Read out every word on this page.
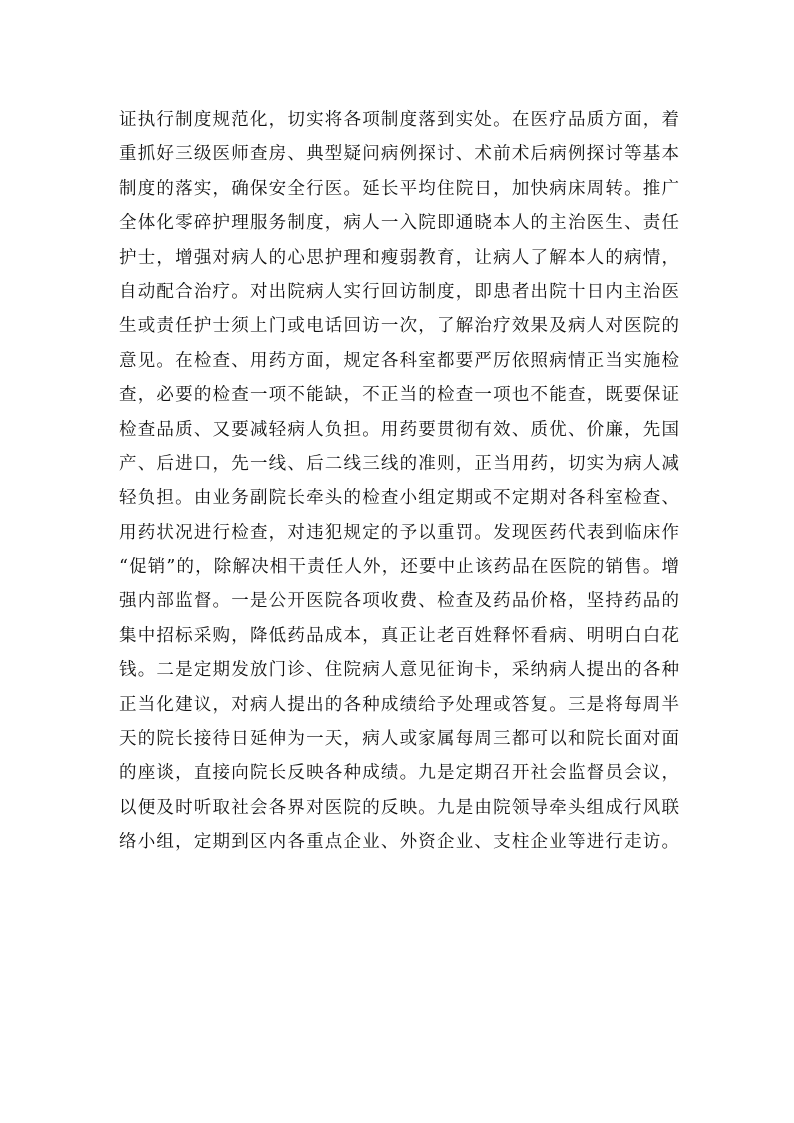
证执行制度规范化，切实将各项制度落到实处。在医疗品质方面，着
重抓好三级医师查房、典型疑问病例探讨、术前术后病例探讨等基本
制度的落实，确保安全行医。延长平均住院日，加快病床周转。推广
全体化零碎护理服务制度，病人一入院即通晓本人的主治医生、责任
护士，增强对病人的心思护理和瘦弱教育，让病人了解本人的病情，
自动配合治疗。对出院病人实行回访制度，即患者出院十日内主治医
生或责任护士须上门或电话回访一次，了解治疗效果及病人对医院的
意见。在检查、用药方面，规定各科室都要严厉依照病情正当实施检
查，必要的检查一项不能缺，不正当的检查一项也不能查，既要保证
检查品质、又要减轻病人负担。用药要贯彻有效、质优、价廉，先国
产、后进口，先一线、后二线三线的准则，正当用药，切实为病人减
轻负担。由业务副院长牵头的检查小组定期或不定期对各科室检查、
用药状况进行检查，对违犯规定的予以重罚。发现医药代表到临床作
“促销”的，除解决相干责任人外，还要中止该药品在医院的销售。增
强内部监督。一是公开医院各项收费、检查及药品价格，坚持药品的
集中招标采购，降低药品成本，真正让老百姓释怀看病、明明白白花
钱。二是定期发放门诊、住院病人意见征询卡，采纳病人提出的各种
正当化建议，对病人提出的各种成绩给予处理或答复。三是将每周半
天的院长接待日延伸为一天，病人或家属每周三都可以和院长面对面
的座谈，直接向院长反映各种成绩。九是定期召开社会监督员会议，
以便及时听取社会各界对医院的反映。九是由院领导牵头组成行风联
络小组，定期到区内各重点企业、外资企业、支柱企业等进行走访。
